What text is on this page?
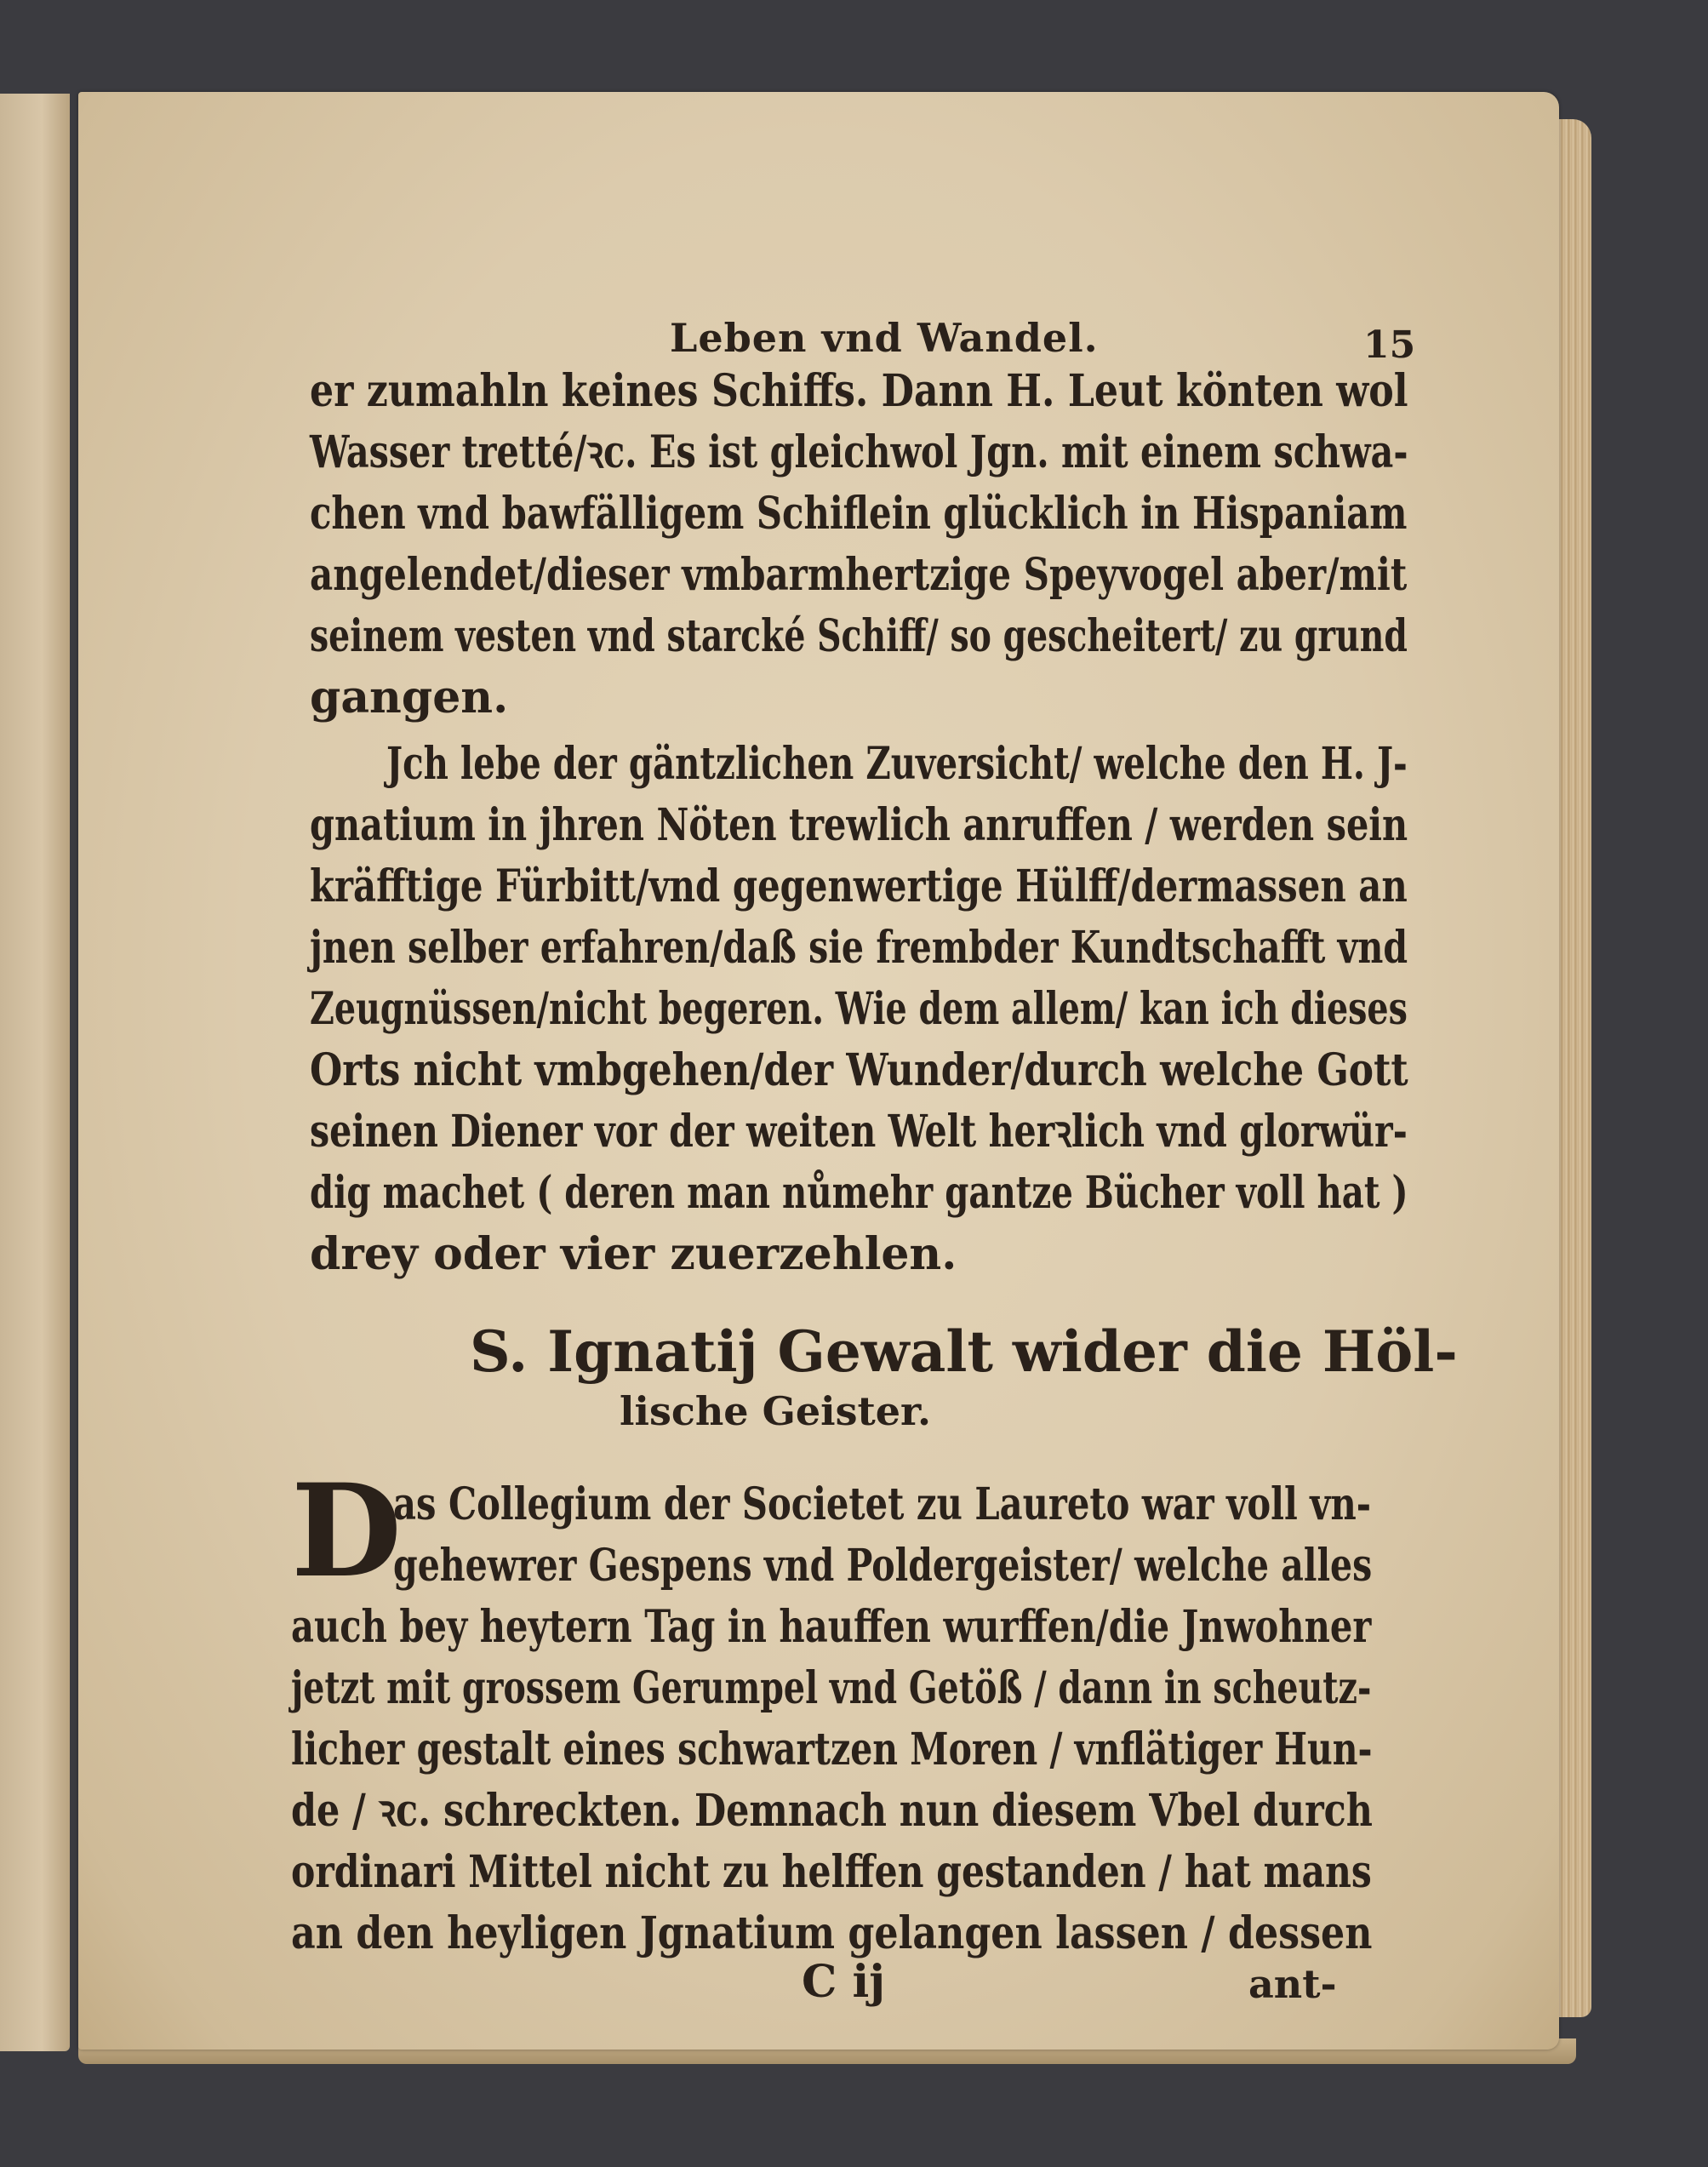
Leben vnd Wandel.	15
er zumahln keines Schiffs. Dann H. Leut könten wol
Wasser tretté/ꝛc. Es ist gleichwol Jgn. mit einem schwa-
chen vnd bawfälligem Schiflein glücklich in Hispaniam
angelendet/dieser vmbarmhertzige Speyvogel aber/mit
seinem vesten vnd starcké Schiff/ so gescheitert/ zu grund
gangen.
Jch lebe der gäntzlichen Zuversicht/ welche den H. J-
gnatium in jhren Nöten trewlich anruffen / werden sein
kräfftige Fürbitt/vnd gegenwertige Hülff/dermassen an
jnen selber erfahren/daß sie frembder Kundtschafft vnd
Zeugnüssen/nicht begeren. Wie dem allem/ kan ich dieses
Orts nicht vmbgehen/der Wunder/durch welche Gott
seinen Diener vor der weiten Welt herꝛlich vnd glorwür-
dig machet ( deren man nůmehr gantze Bücher voll hat )
drey oder vier zuerzehlen.
S. Ignatij Gewalt wider die Höl-
lische Geister.
D
as Collegium der Societet zu Laureto war voll vn-
gehewrer Gespens vnd Poldergeister/ welche alles
auch bey heytern Tag in hauffen wurffen/die Jnwohner
jetzt mit grossem Gerumpel vnd Getöß / dann in scheutz-
licher gestalt eines schwartzen Moren / vnflätiger Hun-
de / ꝛc. schreckten. Demnach nun diesem Vbel durch
ordinari Mittel nicht zu helffen gestanden / hat mans
an den heyligen Jgnatium gelangen lassen / dessen
C ij	ant-
